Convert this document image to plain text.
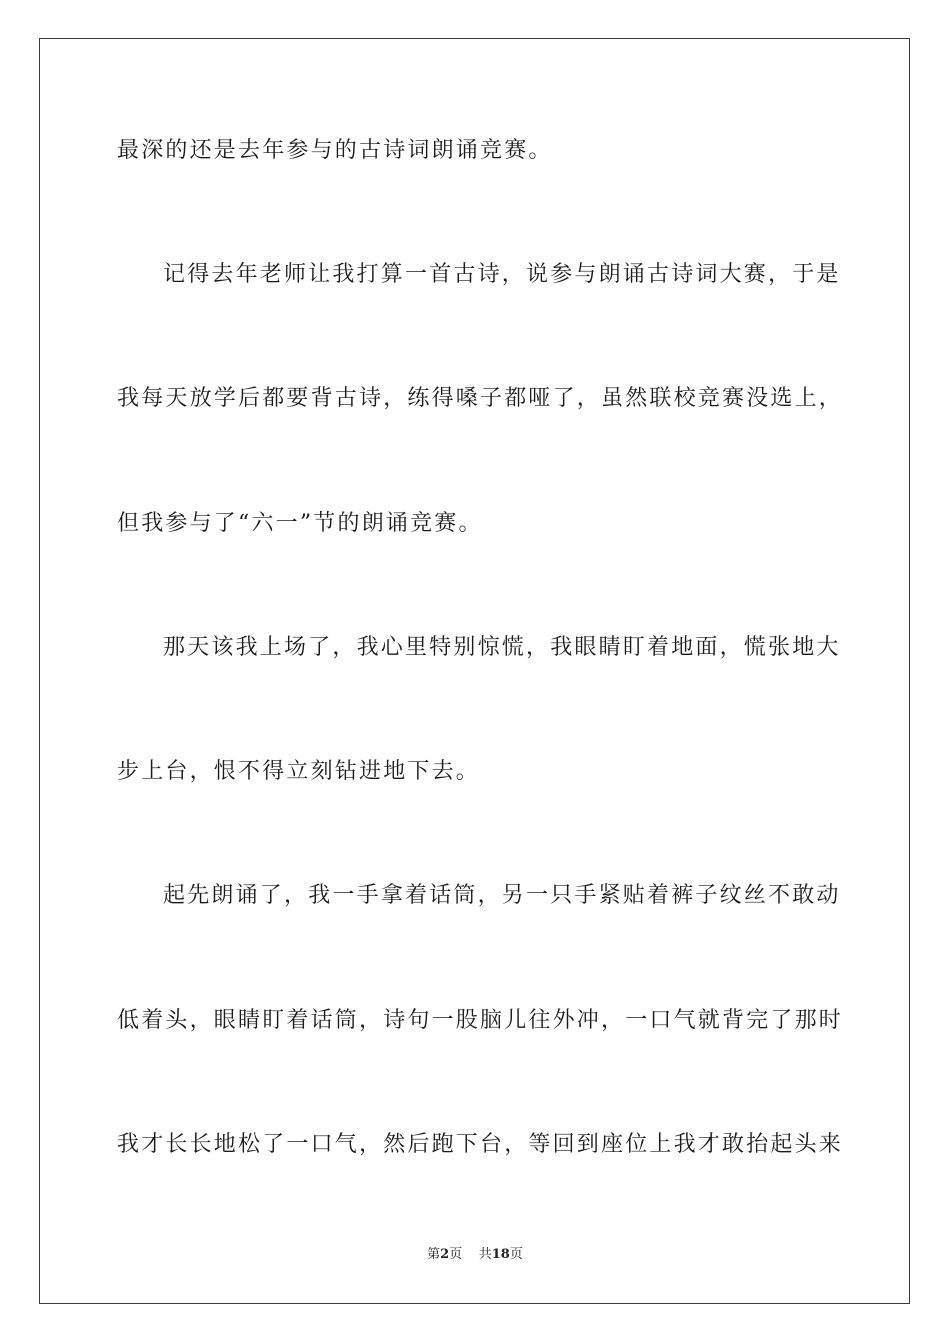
最深的还是去年参与的古诗词朗诵竞赛。
记得去年老师让我打算一首古诗，说参与朗诵古诗词大赛，于是
我每天放学后都要背古诗，练得嗓子都哑了，虽然联校竞赛没选上，
但我参与了“六一”节的朗诵竞赛。
那天该我上场了，我心里特别惊慌，我眼睛盯着地面，慌张地大
步上台，恨不得立刻钻进地下去。
起先朗诵了，我一手拿着话筒，另一只手紧贴着裤子纹丝不敢动
低着头，眼睛盯着话筒，诗句一股脑儿往外冲，一口气就背完了那时
我才长长地松了一口气，然后跑下台，等回到座位上我才敢抬起头来
第2页 共18页
